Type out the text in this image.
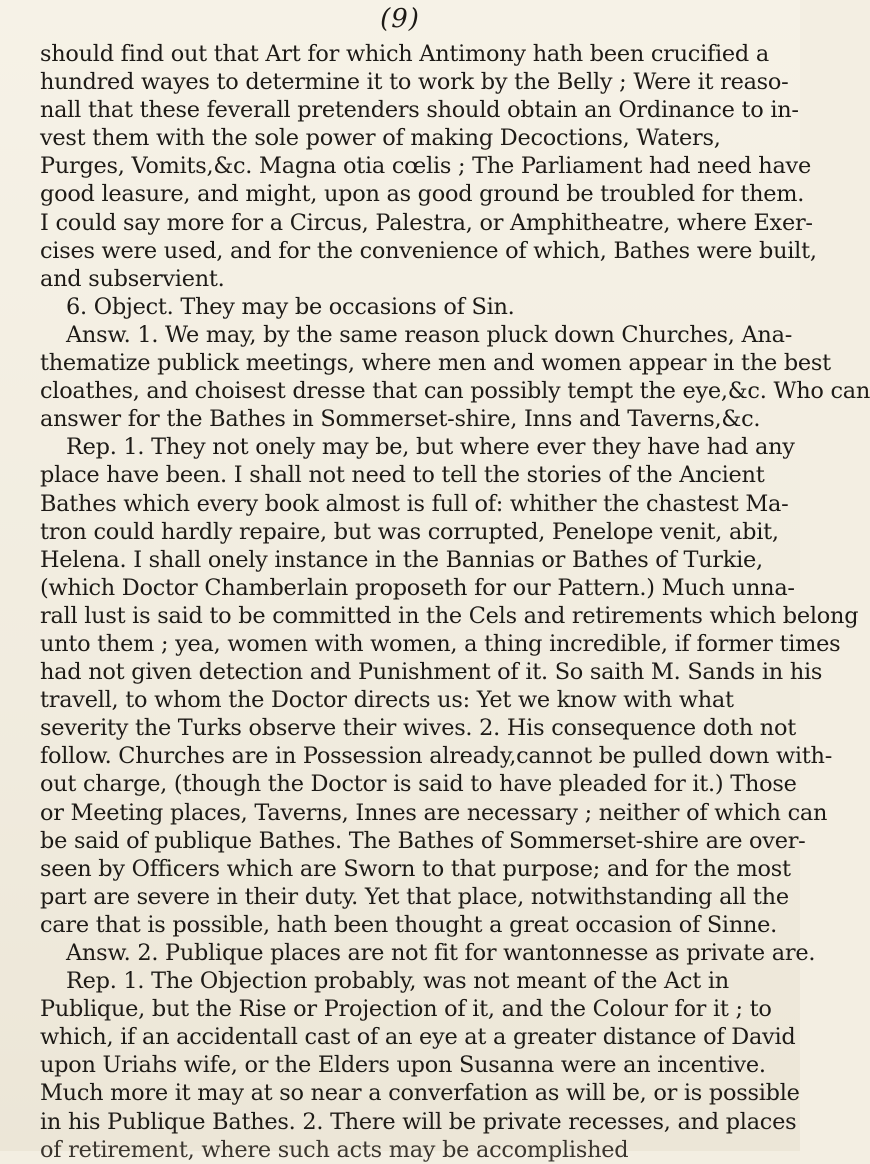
(9)
should find out that Art for which Antimony hath been crucified a
hundred wayes to determine it to work by the Belly ; Were it reaso-
nall that these feverall pretenders should obtain an Ordinance to in-
vest them with the sole power of making Decoctions, Waters,
Purges, Vomits,&c. Magna otia cœlis ; The Parliament had need have
good leasure, and might, upon as good ground be troubled for them.
I could say more for a Circus, Palestra, or Amphitheatre, where Exer-
cises were used, and for the convenience of which, Bathes were built,
and subservient.
6. Object. They may be occasions of Sin.
Answ. 1. We may, by the same reason pluck down Churches, Ana-
thematize publick meetings, where men and women appear in the best
cloathes, and choisest dresse that can possibly tempt the eye,&c. Who can
answer for the Bathes in Sommerset-shire, Inns and Taverns,&c.
Rep. 1. They not onely may be, but where ever they have had any
place have been. I shall not need to tell the stories of the Ancient
Bathes which every book almost is full of: whither the chastest Ma-
tron could hardly repaire, but was corrupted, Penelope venit, abit,
Helena. I shall onely instance in the Bannias or Bathes of Turkie,
(which Doctor Chamberlain proposeth for our Pattern.) Much unna-
rall lust is said to be committed in the Cels and retirements which belong
unto them ; yea, women with women, a thing incredible, if former times
had not given detection and Punishment of it. So saith M. Sands in his
travell, to whom the Doctor directs us: Yet we know with what
severity the Turks observe their wives. 2. His consequence doth not
follow. Churches are in Possession already,cannot be pulled down with-
out charge, (though the Doctor is said to have pleaded for it.) Those
or Meeting places, Taverns, Innes are necessary ; neither of which can
be said of publique Bathes. The Bathes of Sommerset-shire are over-
seen by Officers which are Sworn to that purpose; and for the most
part are severe in their duty. Yet that place, notwithstanding all the
care that is possible, hath been thought a great occasion of Sinne.
Answ. 2. Publique places are not fit for wantonnesse as private are.
Rep. 1. The Objection probably, was not meant of the Act in
Publique, but the Rise or Projection of it, and the Colour for it ; to
which, if an accidentall cast of an eye at a greater distance of David
upon Uriahs wife, or the Elders upon Susanna were an incentive.
Much more it may at so near a converfation as will be, or is possible
in his Publique Bathes. 2. There will be private recesses, and places
of retirement, where such acts may be accomplished
